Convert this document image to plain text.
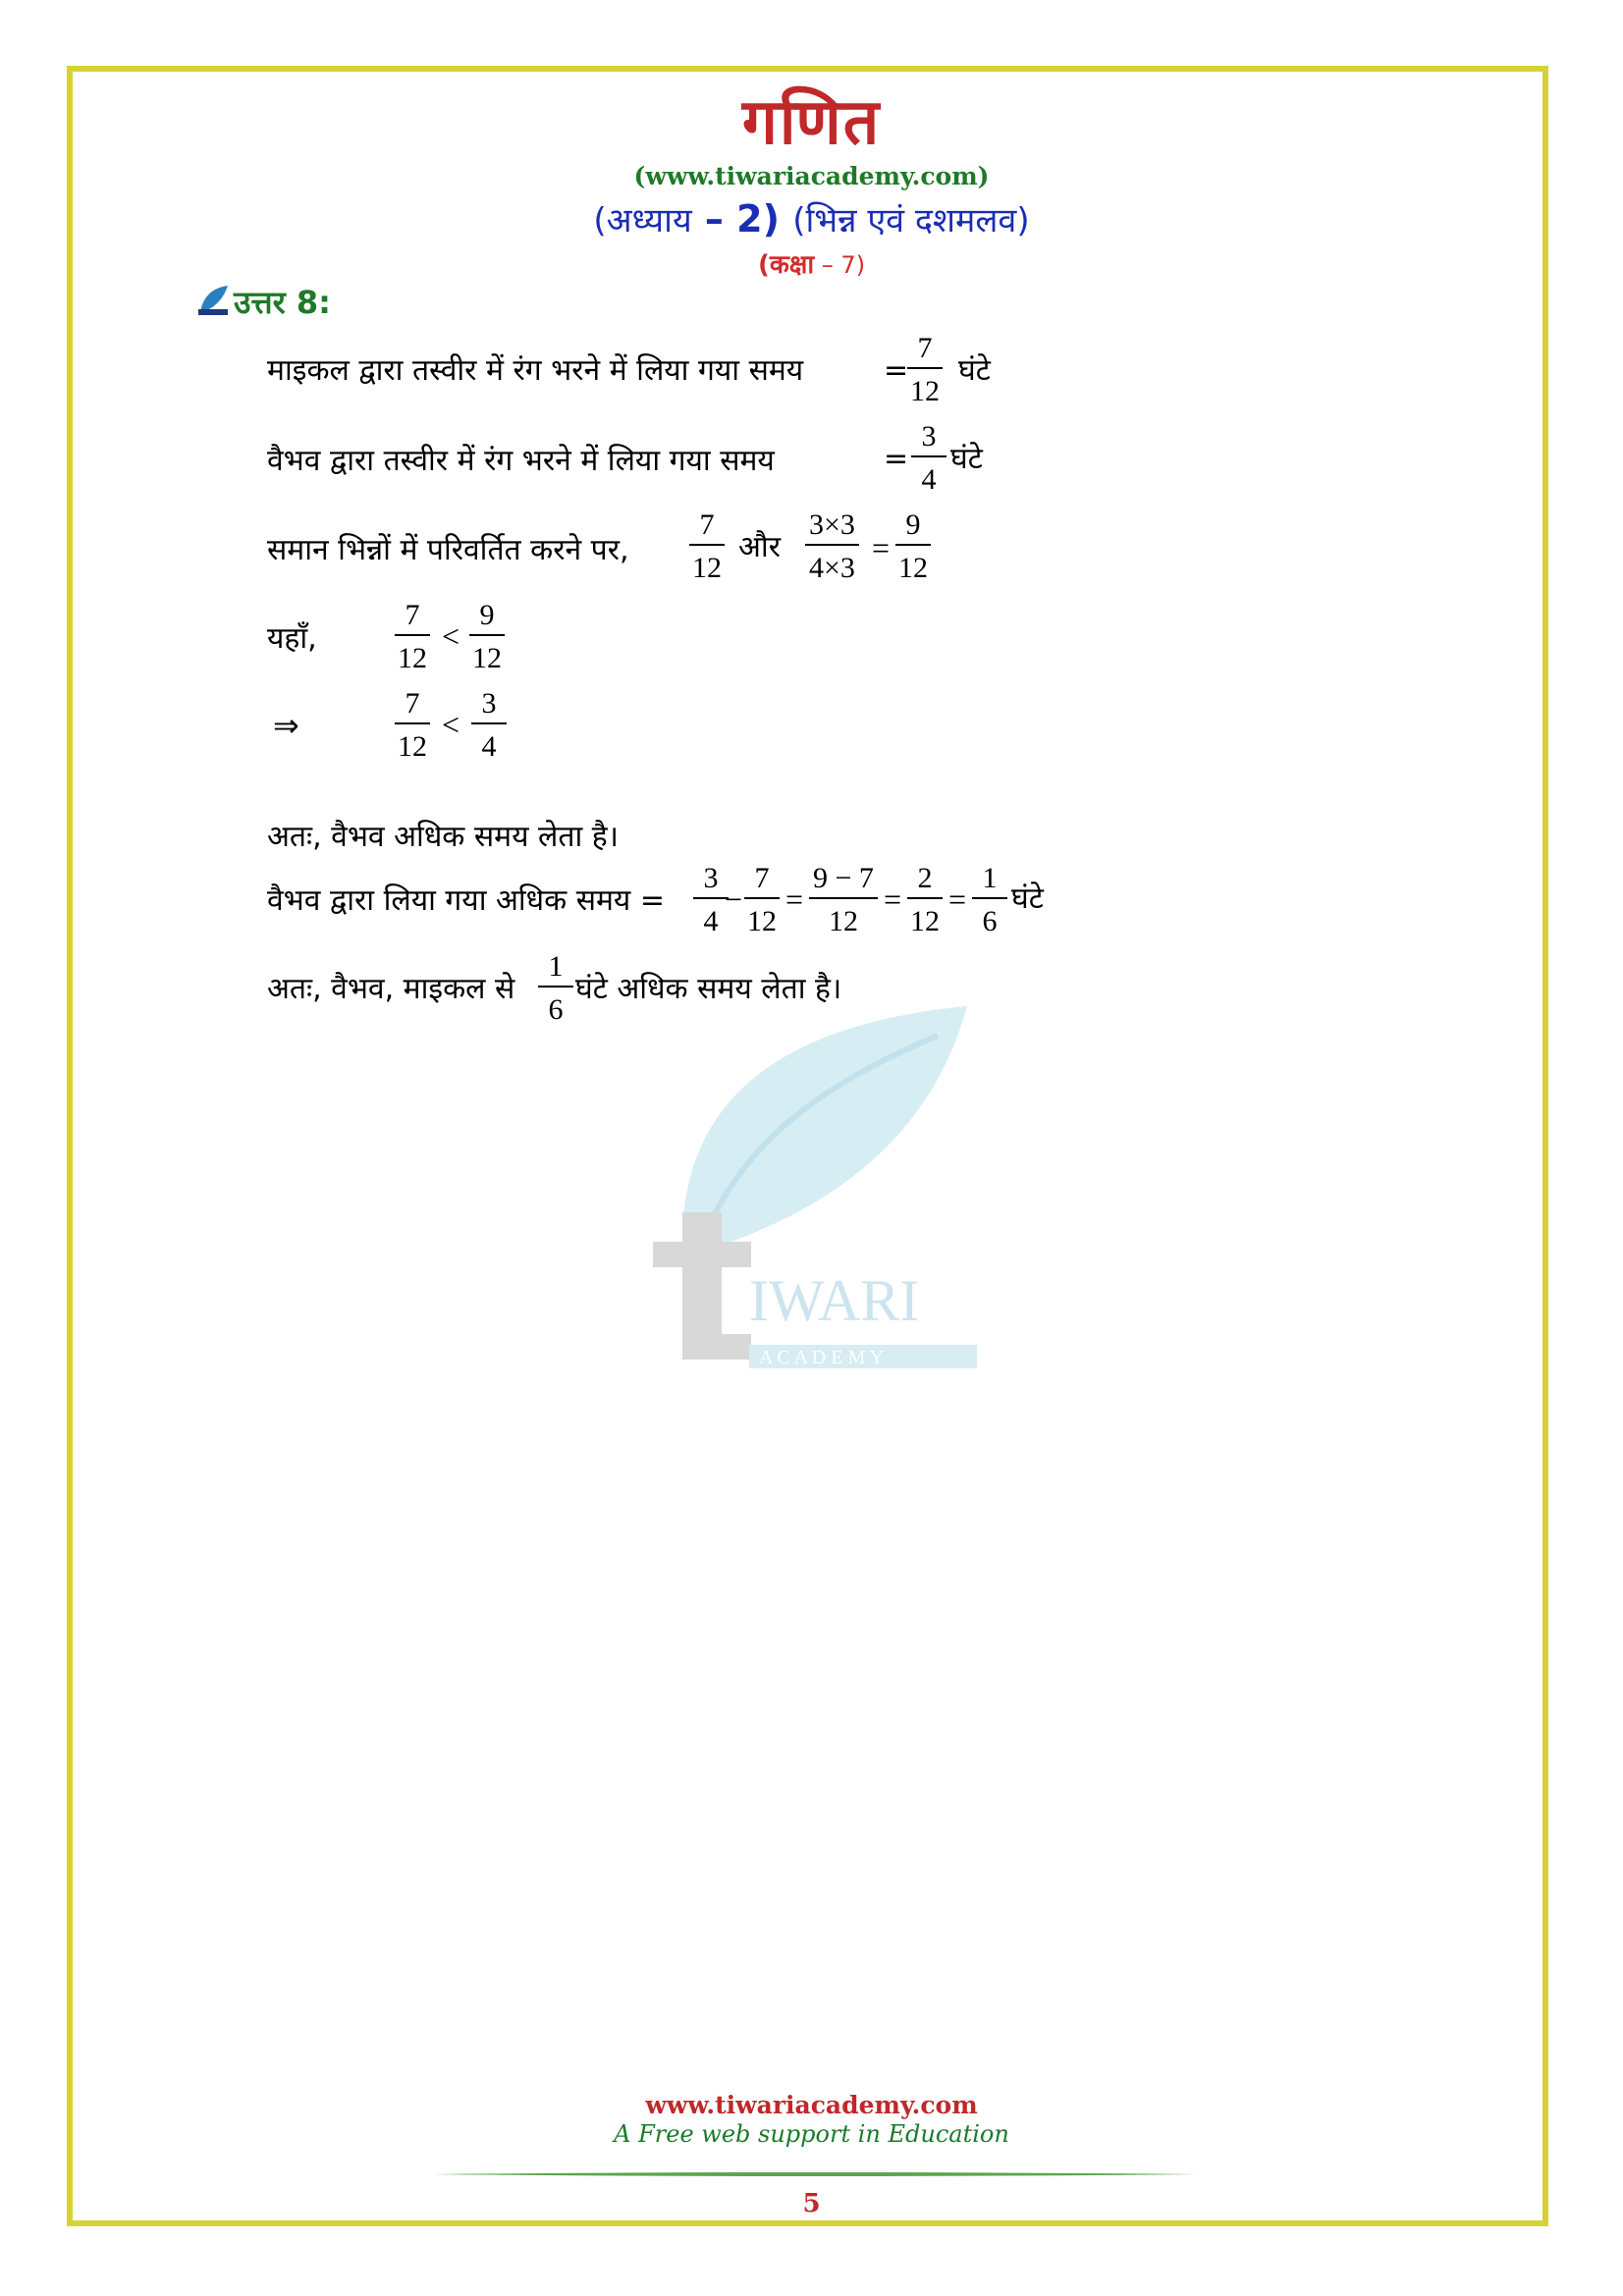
गणित
(www.tiwariacademy.com)
(अध्याय – 2) (भिन्न एवं दशमलव)
(कक्षा – 7)
उत्तर 8:
माइकल द्वारा तस्वीर में रंग भरने में लिया गया समय	=
$\frac{7}{12}$ घंटे
वैभव द्वारा तस्वीर में रंग भरने में लिया गया समय	= $\frac{3}{4}$ घंटे
समान भिन्नों में परिवर्तित करने पर, $\frac{7}{12}$ और $\frac{3\times 3}{4\times 3} = \frac{9}{12}$
यहाँ,	$\frac{7}{12} < \frac{9}{12}$
⇒	$\frac{7}{12} < \frac{3}{4}$
अतः, वैभव अधिक समय लेता है।
वैभव द्वारा लिया गया अधिक समय = $\frac{3}{4}$
− $\frac{7}{12} = \frac{9 - 7}{12} = \frac{2}{12} = \frac{1}{6}$ घंटे
अतः, वैभव, माइकल से $\frac{1}{6}$ घंटे अधिक समय लेता है।
IWARI
A C A D E M Y
www.tiwariacademy.com
A Free web support in Education
5
